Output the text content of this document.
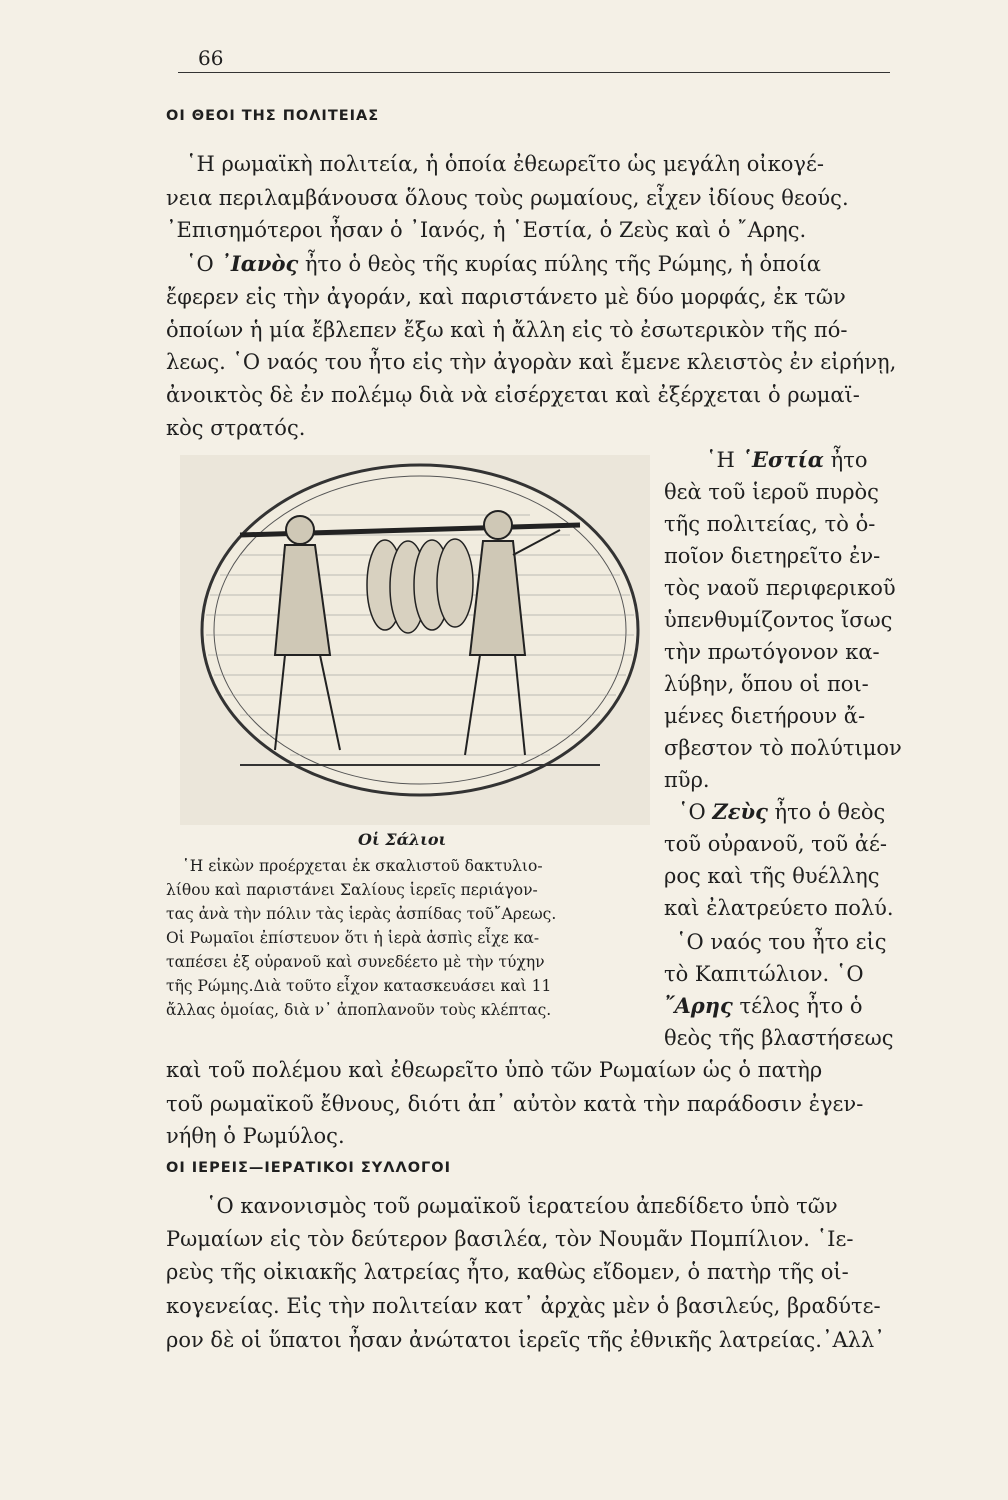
66
ΟΙ ΘΕΟΙ ΤΗΣ ΠΟΛΙΤΕΙΑΣ
῾Η ρωμαϊκὴ πολιτεία, ἡ ὁποία ἐθεωρεῖτο ὡς μεγάλη οἰκογέ-
νεια περιλαμβάνουσα ὅλους τοὺς ρωμαίους, εἶχεν ἰδίους θεούς.
᾿Επισημότεροι ἦσαν ὁ ᾿Ιανός, ἡ ῾Εστία, ὁ Ζεὺς καὶ ὁ ῎Αρης.
῾Ο ᾿Ιανὸς ἦτο ὁ θεὸς τῆς κυρίας πύλης τῆς Ρώμης, ἡ ὁποία
ἔφερεν εἰς τὴν ἀγοράν, καὶ παριστάνετο μὲ δύο μορφάς, ἐκ τῶν
ὁποίων ἡ μία ἔβλεπεν ἔξω καὶ ἡ ἄλλη εἰς τὸ ἐσωτερικὸν τῆς πό-
λεως. ῾Ο ναός του ἦτο εἰς τὴν ἀγορὰν καὶ ἔμενε κλειστὸς ἐν εἰρήνῃ,
ἀνοικτὸς δὲ ἐν πολέμῳ διὰ νὰ εἰσέρχεται καὶ ἐξέρχεται ὁ ρωμαϊ-
κὸς στρατός.
῾Η ῾Εστία ἦτο
θεὰ τοῦ ἱεροῦ πυρὸς
τῆς πολιτείας, τὸ ὁ-
ποῖον διετηρεῖτο ἐν-
τὸς ναοῦ περιφερικοῦ
ὑπενθυμίζοντος ἴσως
τὴν πρωτόγονον κα-
λύβην, ὅπου οἱ ποι-
μένες διετήρουν ἄ-
σβεστον τὸ πολύτιμον
πῦρ.
῾Ο Ζεὺς ἦτο ὁ θεὸς
τοῦ οὐρανοῦ, τοῦ ἀέ-
ρος καὶ τῆς θυέλλης
καὶ ἐλατρεύετο πολύ.
῾Ο ναός του ἦτο εἰς
τὸ Καπιτώλιον. ῾Ο
῎Αρης τέλος ἦτο ὁ
θεὸς τῆς βλαστήσεως
Οἱ Σάλιοι
῾Η εἰκὼν προέρχεται ἐκ σκαλιστοῦ δακτυλιο-
λίθου καὶ παριστάνει Σαλίους ἱερεῖς περιάγον-
τας ἀνὰ τὴν πόλιν τὰς ἱερὰς ἀσπίδας τοῦ῎Αρεως.
Οἱ Ρωμαῖοι ἐπίστευον ὅτι ἡ ἱερὰ ἀσπὶς εἶχε κα-
ταπέσει ἐξ οὐρανοῦ καὶ συνεδέετο μὲ τὴν τύχην
τῆς Ρώμης.Διὰ τοῦτο εἶχον κατασκευάσει καὶ 11
ἄλλας ὁμοίας, διὰ ν᾿ ἀποπλανοῦν τοὺς κλέπτας.
καὶ τοῦ πολέμου καὶ ἐθεωρεῖτο ὑπὸ τῶν Ρωμαίων ὡς ὁ πατὴρ
τοῦ ρωμαϊκοῦ ἔθνους, διότι ἀπ᾿ αὐτὸν κατὰ τὴν παράδοσιν ἐγεν-
νήθη ὁ Ρωμύλος.
ΟΙ ΙΕΡΕΙΣ—ΙΕΡΑΤΙΚΟΙ ΣΥΛΛΟΓΟΙ
῾Ο κανονισμὸς τοῦ ρωμαϊκοῦ ἱερατείου ἀπεδίδετο ὑπὸ τῶν
Ρωμαίων εἰς τὸν δεύτερον βασιλέα, τὸν Νουμᾶν Πομπίλιον. ῾Ιε-
ρεὺς τῆς οἰκιακῆς λατρείας ἦτο, καθὼς εἴδομεν, ὁ πατὴρ τῆς οἰ-
κογενείας. Εἰς τὴν πολιτείαν κατ᾿ ἀρχὰς μὲν ὁ βασιλεύς, βραδύτε-
ρον δὲ οἱ ὕπατοι ἦσαν ἀνώτατοι ἱερεῖς τῆς ἐθνικῆς λατρείας.᾿Αλλ᾿
